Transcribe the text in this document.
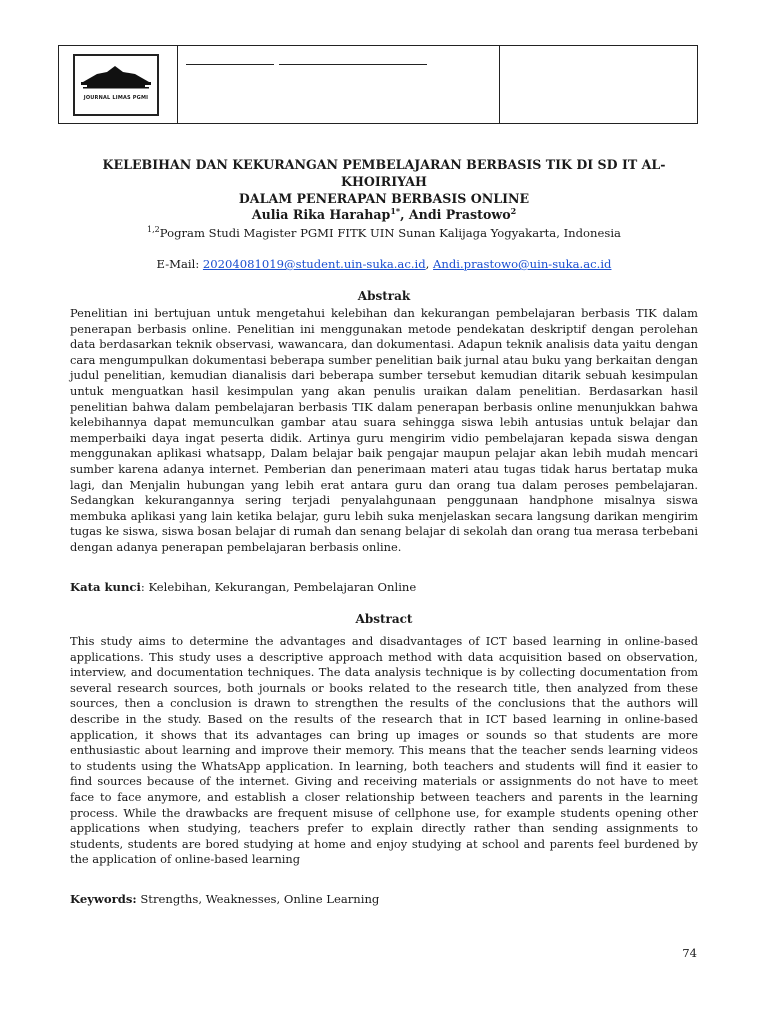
JOURNAL LIMAS PGMI
KELEBIHAN DAN KEKURANGAN PEMBELAJARAN BERBASIS TIK DI SD IT AL-KHOIRIYAH
DALAM PENERAPAN BERBASIS ONLINE
Aulia Rika Harahap$^{1*}$, Andi Prastowo$^2$
$^{1,2}$Pogram Studi Magister PGMI FITK UIN Sunan Kalijaga Yogyakarta, Indonesia
E-Mail: 20204081019@student.uin-suka.ac.id, Andi.prastowo@uin-suka.ac.id
Abstrak
Penelitian ini bertujuan untuk mengetahui kelebihan dan kekurangan pembelajaran berbasis TIK dalam penerapan berbasis online. Penelitian ini menggunakan metode pendekatan deskriptif dengan perolehan data berdasarkan teknik observasi, wawancara, dan dokumentasi. Adapun teknik analisis data yaitu dengan cara mengumpulkan dokumentasi beberapa sumber penelitian baik jurnal atau buku yang berkaitan dengan judul penelitian, kemudian dianalisis dari beberapa sumber tersebut kemudian ditarik sebuah kesimpulan untuk menguatkan hasil kesimpulan yang akan penulis uraikan dalam penelitian. Berdasarkan hasil penelitian bahwa dalam pembelajaran berbasis TIK dalam penerapan berbasis online menunjukkan bahwa kelebihannya dapat memunculkan gambar atau suara sehingga siswa lebih antusias untuk belajar dan memperbaiki daya ingat peserta didik. Artinya guru mengirim vidio pembelajaran kepada siswa dengan menggunakan aplikasi whatsapp, Dalam belajar baik pengajar maupun pelajar akan lebih mudah mencari sumber karena adanya internet. Pemberian dan penerimaan materi atau tugas tidak harus bertatap muka lagi, dan Menjalin hubungan yang lebih erat antara guru dan orang tua dalam peroses pembelajaran. Sedangkan kekurangannya sering terjadi penyalahgunaan penggunaan handphone misalnya siswa membuka aplikasi yang lain ketika belajar, guru lebih suka menjelaskan secara langsung darikan mengirim tugas ke siswa, siswa bosan belajar di rumah dan senang belajar di sekolah dan orang tua merasa terbebani dengan adanya penerapan pembelajaran berbasis online.
Kata kunci: Kelebihan, Kekurangan, Pembelajaran Online
Abstract
This study aims to determine the advantages and disadvantages of ICT based learning in online-based applications. This study uses a descriptive approach method with data acquisition based on observation, interview, and documentation techniques. The data analysis technique is by collecting documentation from several research sources, both journals or books related to the research title, then analyzed from these sources, then a conclusion is drawn to strengthen the results of the conclusions that the authors will describe in the study. Based on the results of the research that in ICT based learning in online-based application, it shows that its advantages can bring up images or sounds so that students are more enthusiastic about learning and improve their memory. This means that the teacher sends learning videos to students using the WhatsApp application. In learning, both teachers and students will find it easier to find sources because of the internet. Giving and receiving materials or assignments do not have to meet face to face anymore, and establish a closer relationship between teachers and parents in the learning process. While the drawbacks are frequent misuse of cellphone use, for example students opening other applications when studying, teachers prefer to explain directly rather than sending assignments to students, students are bored studying at home and enjoy studying at school and parents feel burdened by the application of online-based learning
Keywords: Strengths, Weaknesses, Online Learning
74
